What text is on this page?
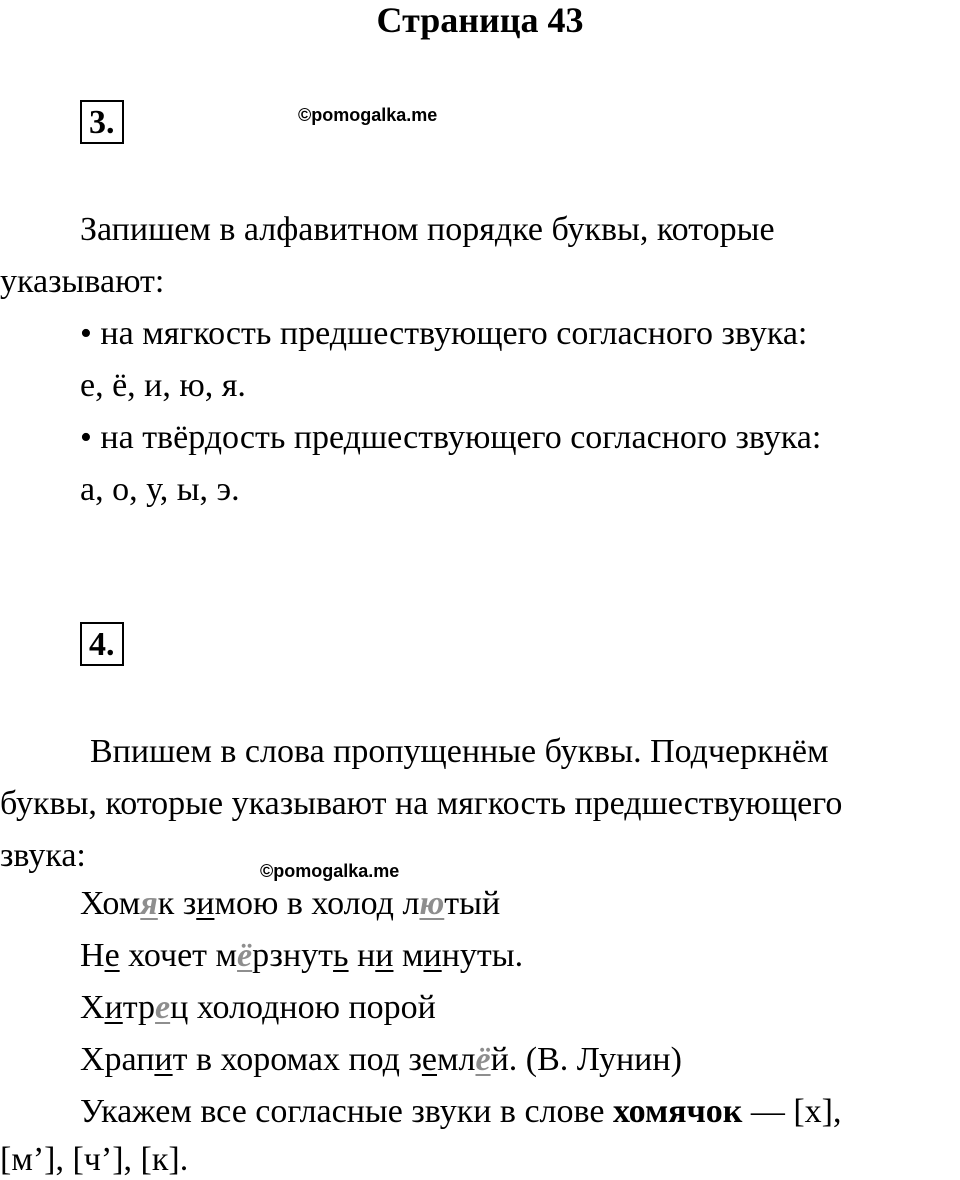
Страница 43
3.	©pomogalka.me
Запишем в алфавитном порядке буквы, которые
указывают:
• на мягкость предшествующего согласного звука:
е, ё, и, ю, я.
• на твёрдость предшествующего согласного звука:
а, о, у, ы, э.
4.
Впишем в слова пропущенные буквы. Подчеркнём
буквы, которые указывают на мягкость предшествующего
звука:	©pomogalka.me
Хомяк зимою в холод лютый
Не хочет мёрзнуть ни минуты.
Хитрец холодною порой
Храпит в хоромах под землёй. (В. Лунин)
Укажем все согласные звуки в слове хомячок — [х],
[м’], [ч’], [к].
